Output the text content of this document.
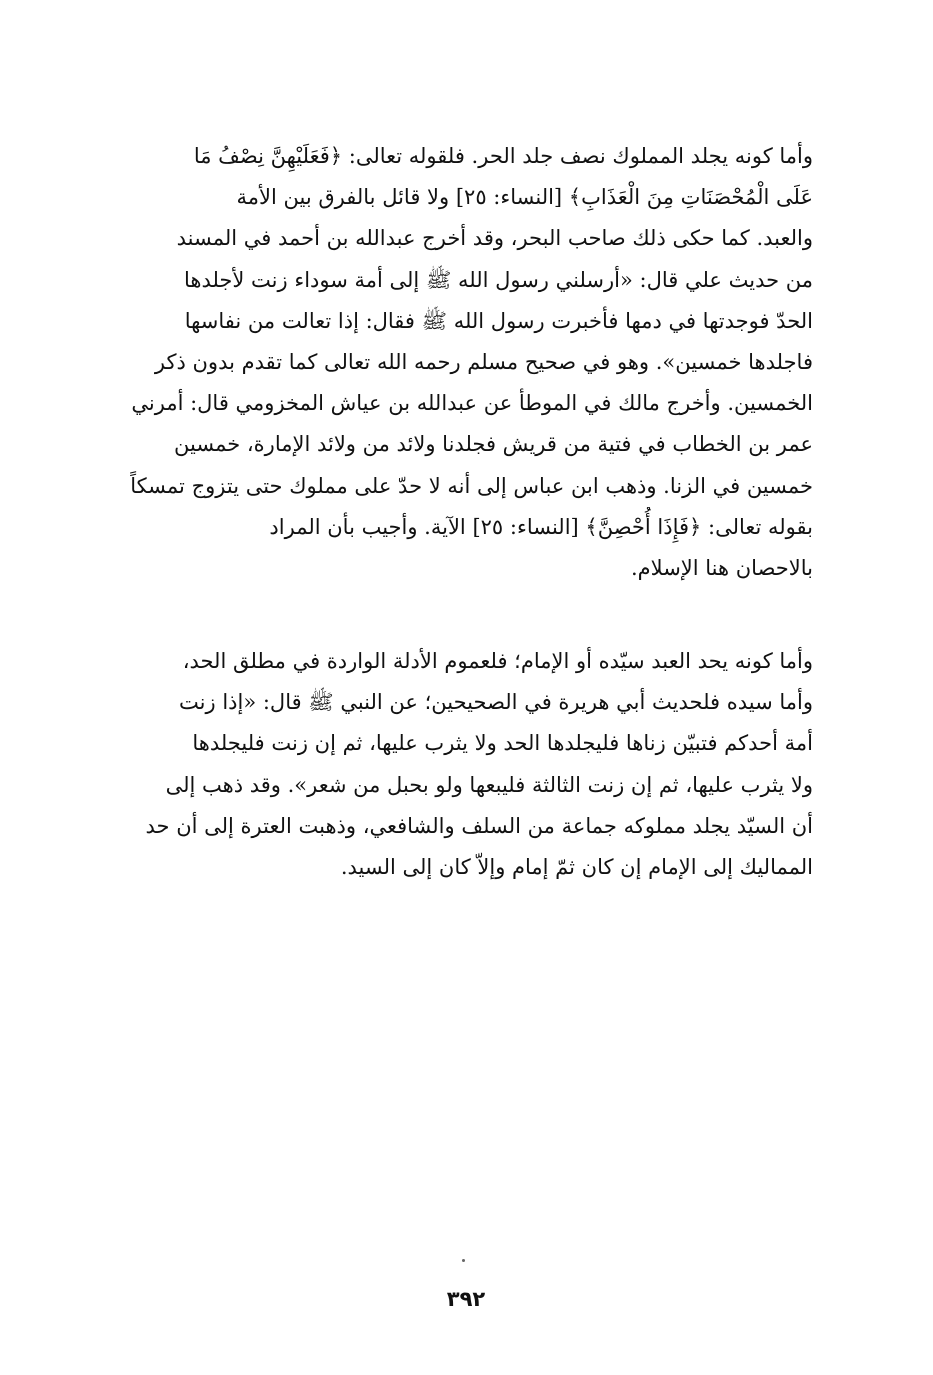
وأما كونه يجلد المملوك نصف جلد الحر. فلقوله تعالى: ﴿فَعَلَيْهِنَّ نِصْفُ مَا
عَلَى الْمُحْصَنَاتِ مِنَ الْعَذَابِ﴾ [النساء: ٢٥] ولا قائل بالفرق بين الأمة
والعبد. كما حكى ذلك صاحب البحر، وقد أخرج عبدالله بن أحمد في المسند
من حديث علي قال: «أرسلني رسول الله ﷺ إلى أمة سوداء زنت لأجلدها
الحدّ فوجدتها في دمها فأخبرت رسول الله ﷺ فقال: إذا تعالت من نفاسها
فاجلدها خمسين». وهو في صحيح مسلم رحمه الله تعالى كما تقدم بدون ذكر
الخمسين. وأخرج مالك في الموطأ عن عبدالله بن عياش المخزومي قال: أمرني
عمر بن الخطاب في فتية من قريش فجلدنا ولائد من ولائد الإمارة، خمسين
خمسين في الزنا. وذهب ابن عباس إلى أنه لا حدّ على مملوك حتى يتزوج تمسكاً
بقوله تعالى: ﴿فَإِذَا أُحْصِنَّ﴾ [النساء: ٢٥] الآية. وأجيب بأن المراد
بالاحصان هنا الإسلام.
وأما كونه يحد العبد سيّده أو الإمام؛ فلعموم الأدلة الواردة في مطلق الحد،
وأما سيده فلحديث أبي هريرة في الصحيحين؛ عن النبي ﷺ قال: «إذا زنت
أمة أحدكم فتبيّن زناها فليجلدها الحد ولا يثرب عليها، ثم إن زنت فليجلدها
ولا يثرب عليها، ثم إن زنت الثالثة فليبعها ولو بحبل من شعر». وقد ذهب إلى
أن السيّد يجلد مملوكه جماعة من السلف والشافعي، وذهبت العترة إلى أن حد
المماليك إلى الإمام إن كان ثمّ إمام وإلاّ كان إلى السيد.
٣٩٢
